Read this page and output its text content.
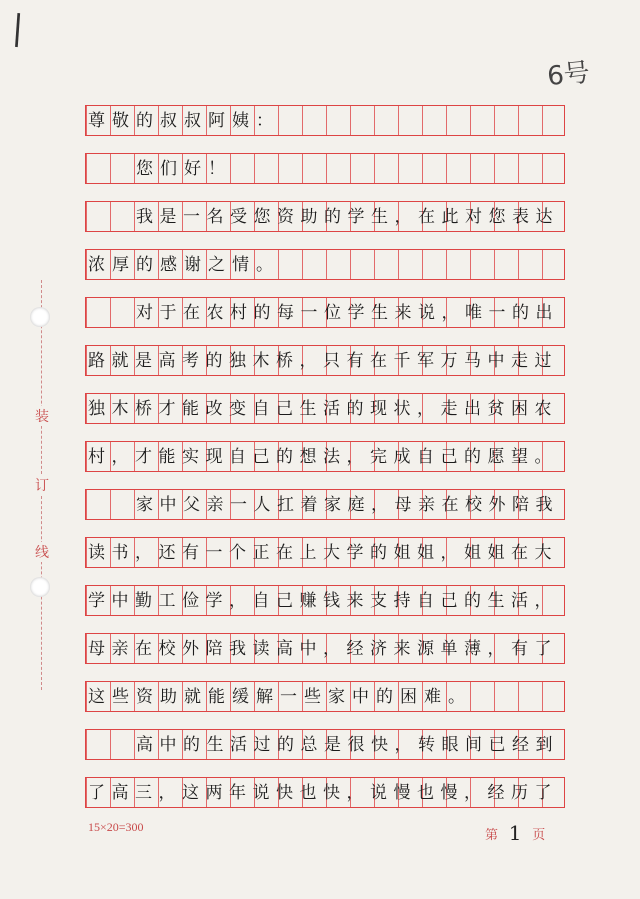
|
6号
装
订
线
尊敬的叔叔阿姨：
您们好！
我是一名受您资助的学生，在此对您表达
浓厚的感谢之情。
对于在农村的每一位学生来说，唯一的出
路就是高考的独木桥，只有在千军万马中走过
独木桥才能改变自己生活的现状，走出贫困农
村，才能实现自己的想法，完成自己的愿望。
家中父亲一人扛着家庭，母亲在校外陪我
读书，还有一个正在上大学的姐姐，姐姐在大
学中勤工俭学，自己赚钱来支持自己的生活，
母亲在校外陪我读高中，经济来源单薄，有了
这些资助就能缓解一些家中的困难。
高中的生活过的总是很快，转眼间已经到
了高三，这两年说快也快，说慢也慢，经历了
15×20=300
第 1 页
